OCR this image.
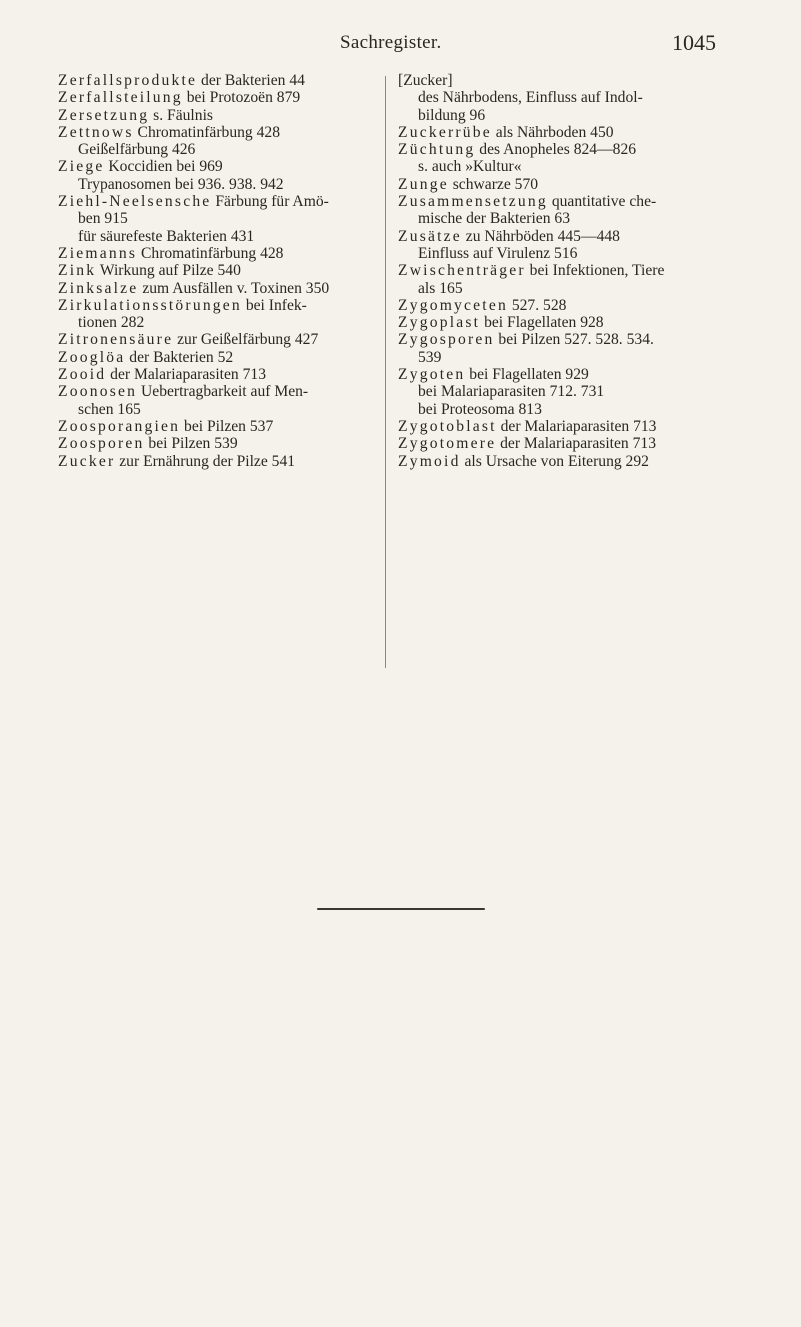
Sachregister.	1045
Zerfallsprodukte der Bakterien 44
Zerfallsteilung bei Protozoën 879
Zersetzung s. Fäulnis
Zettnows Chromatinfärbung 428
Geißelfärbung 426
Ziege Koccidien bei 969
Trypanosomen bei 936. 938. 942
Ziehl-Neelsensche Färbung für Amö-
ben 915
für säurefeste Bakterien 431
Ziemanns Chromatinfärbung 428
Zink Wirkung auf Pilze 540
Zinksalze zum Ausfällen v. Toxinen 350
Zirkulationsstörungen bei Infek-
tionen 282
Zitronensäure zur Geißelfärbung 427
Zooglöa der Bakterien 52
Zooid der Malariaparasiten 713
Zoonosen Uebertragbarkeit auf Men-
schen 165
Zoosporangien bei Pilzen 537
Zoosporen bei Pilzen 539
Zucker zur Ernährung der Pilze 541
[Zucker]
des Nährbodens, Einfluss auf Indol-
bildung 96
Zuckerrübe als Nährboden 450
Züchtung des Anopheles 824—826
s. auch »Kultur«
Zunge schwarze 570
Zusammensetzung quantitative che-
mische der Bakterien 63
Zusätze zu Nährböden 445—448
Einfluss auf Virulenz 516
Zwischenträger bei Infektionen, Tiere
als 165
Zygomyceten 527. 528
Zygoplast bei Flagellaten 928
Zygosporen bei Pilzen 527. 528. 534.
539
Zygoten bei Flagellaten 929
bei Malariaparasiten 712. 731
bei Proteosoma 813
Zygotoblast der Malariaparasiten 713
Zygotomere der Malariaparasiten 713
Zymoid als Ursache von Eiterung 292
